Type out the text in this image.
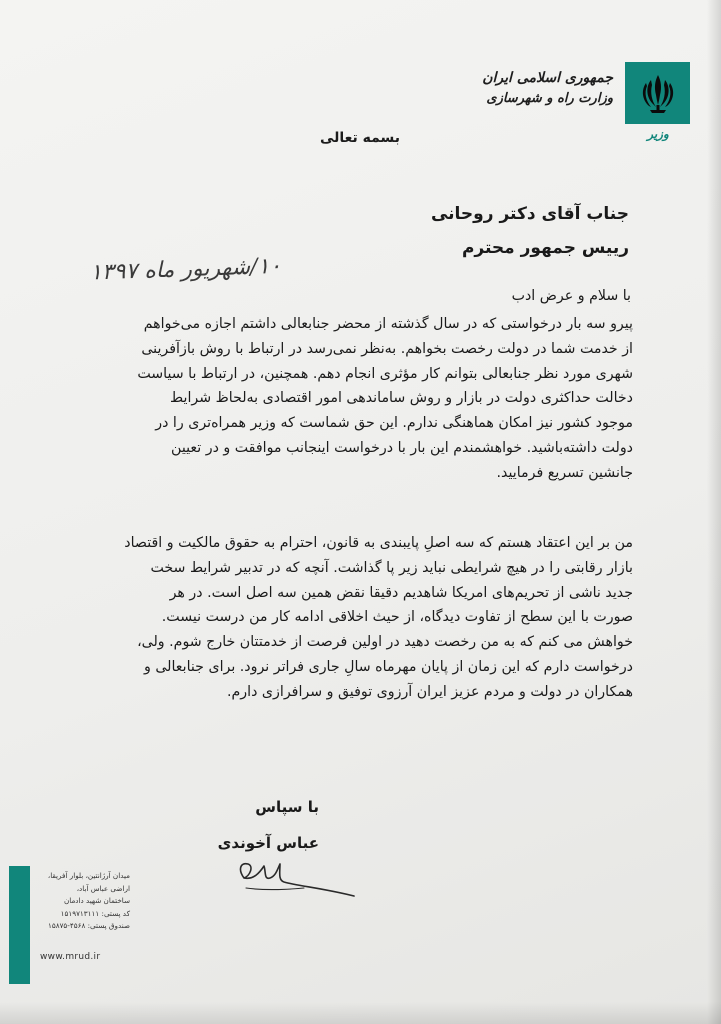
وزیر
جمهوری اسلامی ایران
وزارت راه و شهرسازی
بسمه تعالی
جناب آقای دکتر روحانی
رییس جمهور محترم
۱۰/شهریور ماه ۱۳۹۷
با سلام و عرض ادب
پیرو سه بار درخواستی که در سال گذشته از محضر جنابعالی داشتم اجازه می‌خواهم
از خدمت شما در دولت رخصت بخواهم. به‌نظر نمی‌رسد در ارتباط با روش بازآفرینی
شهری مورد نظر جنابعالی بتوانم کار مؤثری انجام دهم. همچنین، در ارتباط با سیاست
دخالت حداکثری دولت در بازار و روش ساماندهی امور اقتصادی به‌لحاظ شرایط
موجود کشور نیز امکان هماهنگی ندارم. این حق شماست که وزیر همراه‌تری را در
دولت داشته‌باشید. خواهشمندم این بار با درخواست اینجانب موافقت و در تعیین
جانشین تسریع فرمایید.
من بر این اعتقاد هستم که سه اصلِ پایبندی به قانون، احترام به حقوق مالکیت و اقتصاد
بازار رقابتی را در هیچ شرایطی نباید زیر پا گذاشت. آنچه که در تدبیر شرایط سخت
جدید ناشی از تحریم‌های امریکا شاهدیم دقیقا نقض همین سه اصل است. در هر
صورت با این سطح از تفاوت دیدگاه، از حیث اخلاقی ادامه کار من درست نیست.
خواهش می کنم که به من رخصت دهید در اولین فرصت از خدمتتان خارج شوم. ولی،
درخواست دارم که این زمان از پایان مهرماه سالِ جاری فراتر نرود. برای جنابعالی و
همکاران در دولت و مردم عزیز ایران آرزوی توفیق و سرافرازی دارم.
با سپاس
عباس آخوندی
میدان آرژانتین، بلوار آفریقا،
اراضی عباس آباد،
ساختمان شهید دادمان
کد پستی: ۱۵۱۹۷۱۳۱۱۱
صندوق پستی: ۴۵۶۸-۱۵۸۷۵
www.mrud.ir
